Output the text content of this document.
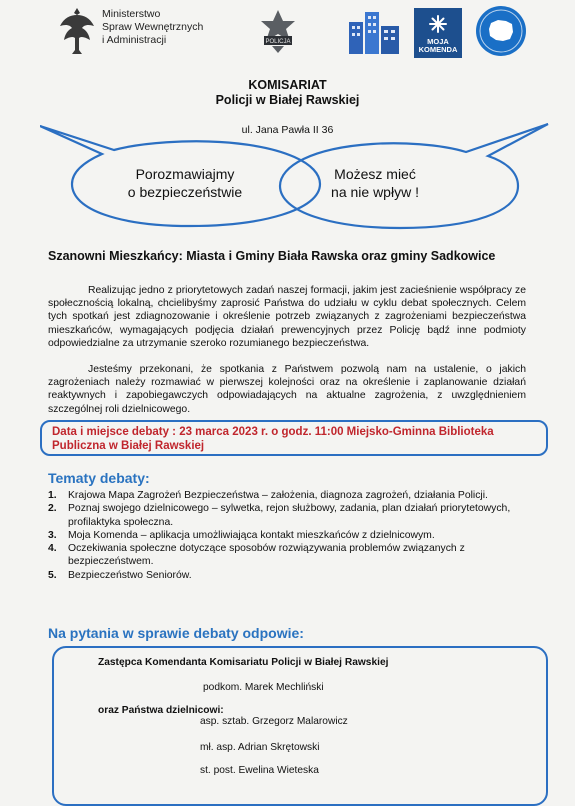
Ministerstwo
Spraw Wewnętrznych
i Administracji	POLICJA	MOJA
KOMENDA
KOMISARIAT
Policji w Białej Rawskiej
ul. Jana Pawła II 36
Porozmawiajmy
o bezpieczeństwie
Możesz mieć
na nie wpływ !
Szanowni Mieszkańcy: Miasta i Gminy Biała Rawska oraz gminy Sadkowice
Realizując jedno z priorytetowych zadań naszej formacji, jakim jest zacieśnienie współpracy ze społecznością lokalną, chcielibyśmy zaprosić Państwa do udziału w cyklu debat społecznych. Celem tych spotkań jest zdiagnozowanie i określenie potrzeb związanych z zagrożeniami bezpieczeństwa mieszkańców, wymagających podjęcia działań prewencyjnych przez Policję bądź inne podmioty odpowiedzialne za utrzymanie szeroko rozumianego bezpieczeństwa.
Jesteśmy przekonani, że spotkania z Państwem pozwolą nam na ustalenie, o jakich zagrożeniach należy rozmawiać w pierwszej kolejności oraz na określenie i zaplanowanie działań reaktywnych i zapobiegawczych odpowiadających na aktualne zagrożenia, z uwzględnieniem szczególnej roli dzielnicowego.
Data i miejsce debaty : 23 marca 2023 r. o godz. 11:00 Miejsko-Gminna Biblioteka Publiczna w Białej Rawskiej
Tematy debaty:
1. Krajowa Mapa Zagrożeń Bezpieczeństwa – założenia, diagnoza zagrożeń, działania Policji.
2. Poznaj swojego dzielnicowego – sylwetka, rejon służbowy, zadania, plan działań priorytetowych, profilaktyka społeczna.
3. Moja Komenda – aplikacja umożliwiająca kontakt mieszkańców z dzielnicowym.
4. Oczekiwania społeczne dotyczące sposobów rozwiązywania problemów związanych z bezpieczeństwem.
5. Bezpieczeństwo Seniorów.
Na pytania w sprawie debaty odpowie:
Zastępca Komendanta Komisariatu Policji w Białej Rawskiej
podkom. Marek Mechliński
oraz Państwa dzielnicowi:
asp. sztab. Grzegorz Malarowicz
mł. asp. Adrian Skrętowski
st. post. Ewelina Wieteska
